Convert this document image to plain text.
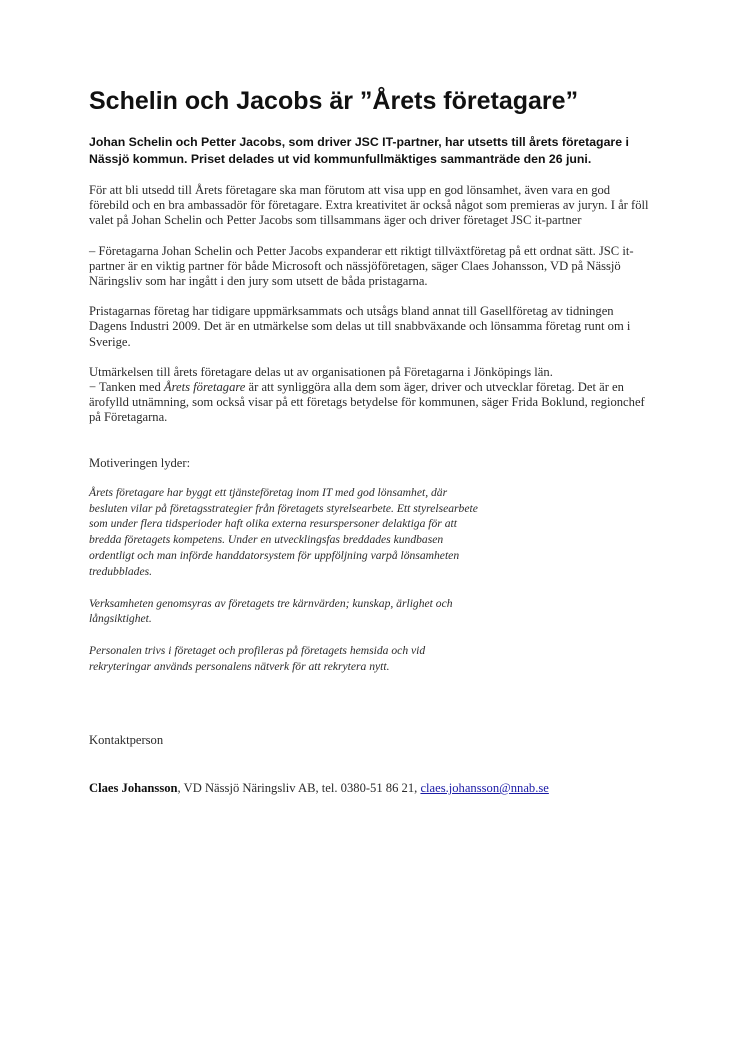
Schelin och Jacobs är ”Årets företagare”

Johan Schelin och Petter Jacobs, som driver JSC IT-partner, har utsetts till årets företagare i Nässjö kommun. Priset delades ut vid kommunfullmäktiges sammanträde den 26 juni.

För att bli utsedd till Årets företagare ska man förutom att visa upp en god lönsamhet, även vara en god förebild och en bra ambassadör för företagare. Extra kreativitet är också något som premieras av juryn. I år föll valet på Johan Schelin och Petter Jacobs som tillsammans äger och driver företaget JSC it-partner

– Företagarna Johan Schelin och Petter Jacobs expanderar ett riktigt tillväxtföretag på ett ordnat sätt. JSC it-partner är en viktig partner för både Microsoft och nässjöföretagen, säger Claes Johansson, VD på Nässjö Näringsliv som har ingått i den jury som utsett de båda pristagarna.

Pristagarnas företag har tidigare uppmärksammats och utsågs bland annat till Gasellföretag av tidningen Dagens Industri 2009. Det är en utmärkelse som delas ut till snabbväxande och lönsamma företag runt om i Sverige.

Utmärkelsen till årets företagare delas ut av organisationen på Företagarna i Jönköpings län.

− Tanken med Årets företagare är att synliggöra alla dem som äger, driver och utvecklar företag. Det är en ärofylld utnämning, som också visar på ett företags betydelse för kommunen, säger Frida Boklund, regionchef på Företagarna.

Motiveringen lyder:

Årets företagare har byggt ett tjänsteföretag inom IT med god lönsamhet, där besluten vilar på företagsstrategier från företagets styrelsearbete. Ett styrelsearbete som under flera tidsperioder haft olika externa resurspersoner delaktiga för att bredda företagets kompetens. Under en utvecklingsfas breddades kundbasen ordentligt och man införde handdatorsystem för uppföljning varpå lönsamheten tredubblades.

Verksamheten genomsyras av företagets tre kärnvärden; kunskap, ärlighet och långsiktighet.

Personalen trivs i företaget och profileras på företagets hemsida och vid rekryteringar används personalens nätverk för att rekrytera nytt.

Kontaktperson

Claes Johansson, VD Nässjö Näringsliv AB, tel. 0380-51 86 21, claes.johansson@nnab.se
